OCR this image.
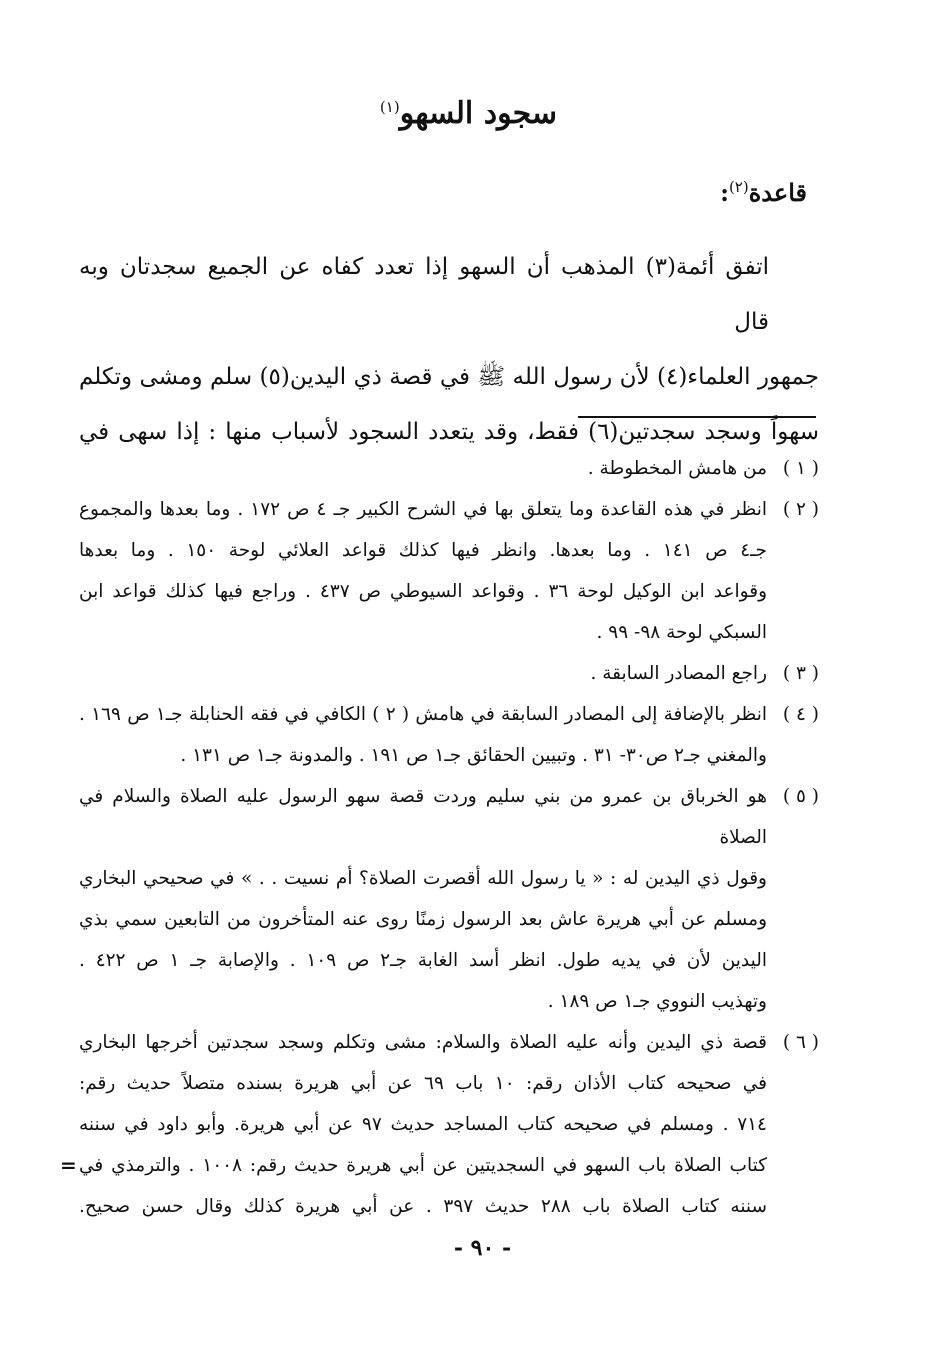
سجود السهو$^{(١)}$
قاعدة$^{(٢)}$:
اتفق أئمة(٣) المذهب أن السهو إذا تعدد كفاه عن الجميع سجدتان وبه قال
جمهور العلماء(٤) لأن رسول الله ﷺ في قصة ذي اليدين(٥) سلم ومشى وتكلم
سهواً وسجد سجدتين(٦) فقط، وقد يتعدد السجود لأسباب منها : إذا سهى في
( ١ )
من هامش المخطوطة .
( ٢ )
انظر في هذه القاعدة وما يتعلق بها في الشرح الكبير جـ ٤ ص ١٧٢ . وما بعدها والمجموع
جـ٤ ص ١٤١ . وما بعدها. وانظر فيها كذلك قواعد العلائي لوحة ١٥٠ . وما بعدها
وقواعد ابن الوكيل لوحة ٣٦ . وقواعد السيوطي ص ٤٣٧ . وراجع فيها كذلك قواعد ابن
السبكي لوحة ٩٨- ٩٩ .
( ٣ )
راجع المصادر السابقة .
( ٤ )
انظر بالإضافة إلى المصادر السابقة في هامش ( ٢ ) الكافي في فقه الحنابلة جـ١ ص ١٦٩ .
والمغني جـ٢ ص٣٠- ٣١ . وتبيين الحقائق جـ١ ص ١٩١ . والمدونة جـ١ ص ١٣١ .
( ٥ )
هو الخرباق بن عمرو من بني سليم وردت قصة سهو الرسول عليه الصلاة والسلام في الصلاة
وقول ذي اليدين له : « يا رسول الله أقصرت الصلاة؟ أم نسيت . . » في صحيحي البخاري
ومسلم عن أبي هريرة عاش بعد الرسول زمنًا روى عنه المتأخرون من التابعين سمي بذي
اليدين لأن في يديه طول. انظر أسد الغابة جـ٢ ص ١٠٩ . والإصابة جـ ١ ص ٤٢٢ .
وتهذيب النووي جـ١ ص ١٨٩ .
( ٦ )
قصة ذي اليدين وأنه عليه الصلاة والسلام: مشى وتكلم وسجد سجدتين أخرجها البخاري
في صحيحه كتاب الأذان رقم: ١٠ باب ٦٩ عن أبي هريرة بسنده متصلاً حديث رقم:
٧١٤ . ومسلم في صحيحه كتاب المساجد حديث ٩٧ عن أبي هريرة. وأبو داود في سننه
كتاب الصلاة باب السهو في السجديتين عن أبي هريرة حديث رقم: ١٠٠٨ . والترمذي في
سننه كتاب الصلاة باب ٢٨٨ حديث ٣٩٧ . عن أبي هريرة كذلك وقال حسن صحيح.
=
- ٩٠ -
